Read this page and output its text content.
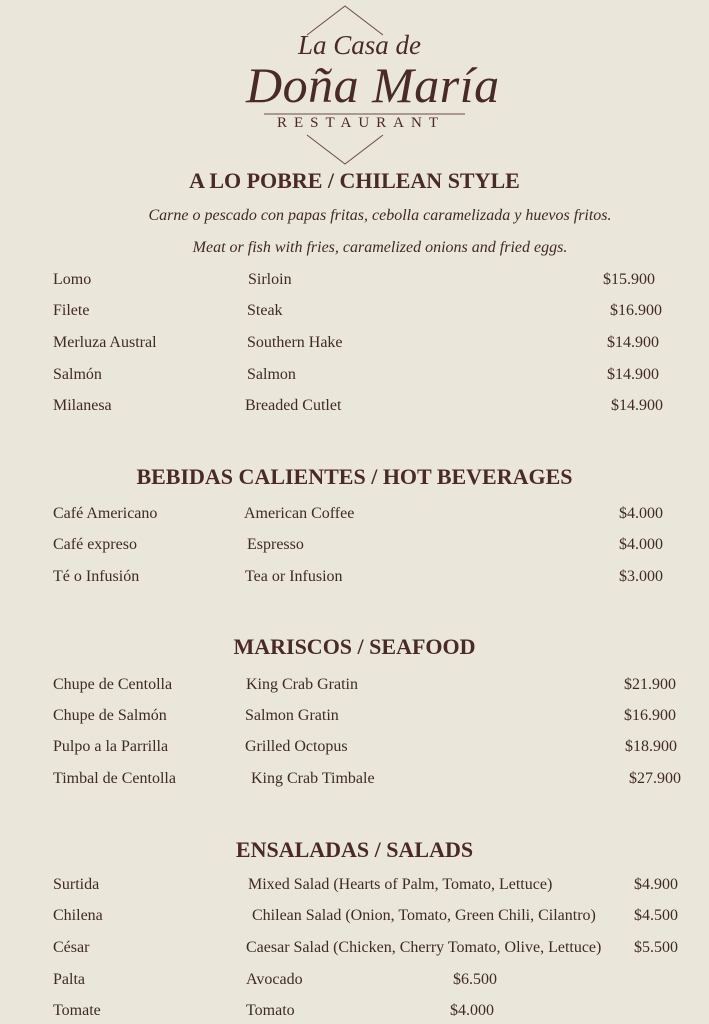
La Casa de
Doña María
RESTAURANT
A LO POBRE / CHILEAN STYLE
Carne o pescado con papas fritas, cebolla caramelizada y huevos fritos.
Meat or fish with fries, caramelized onions and fried eggs.
Lomo	Sirloin	$15.900
Filete	Steak	$16.900
Merluza Austral	Southern Hake	$14.900
Salmón	Salmon	$14.900
Milanesa	Breaded Cutlet	$14.900
BEBIDAS CALIENTES / HOT BEVERAGES
Café Americano	American Coffee	$4.000
Café expreso	Espresso	$4.000
Té o Infusión	Tea or Infusion	$3.000
MARISCOS / SEAFOOD
Chupe de Centolla	King Crab Gratin	$21.900
Chupe de Salmón	Salmon Gratin	$16.900
Pulpo a la Parrilla	Grilled Octopus	$18.900
Timbal de Centolla	King Crab Timbale	$27.900
ENSALADAS / SALADS
Surtida	Mixed Salad (Hearts of Palm, Tomato, Lettuce)	$4.900
Chilena	Chilean Salad (Onion, Tomato, Green Chili, Cilantro) $4.500
César	Caesar Salad (Chicken, Cherry Tomato, Olive, Lettuce) $5.500
Palta	Avocado	$6.500
Tomate	Tomato	$4.000
